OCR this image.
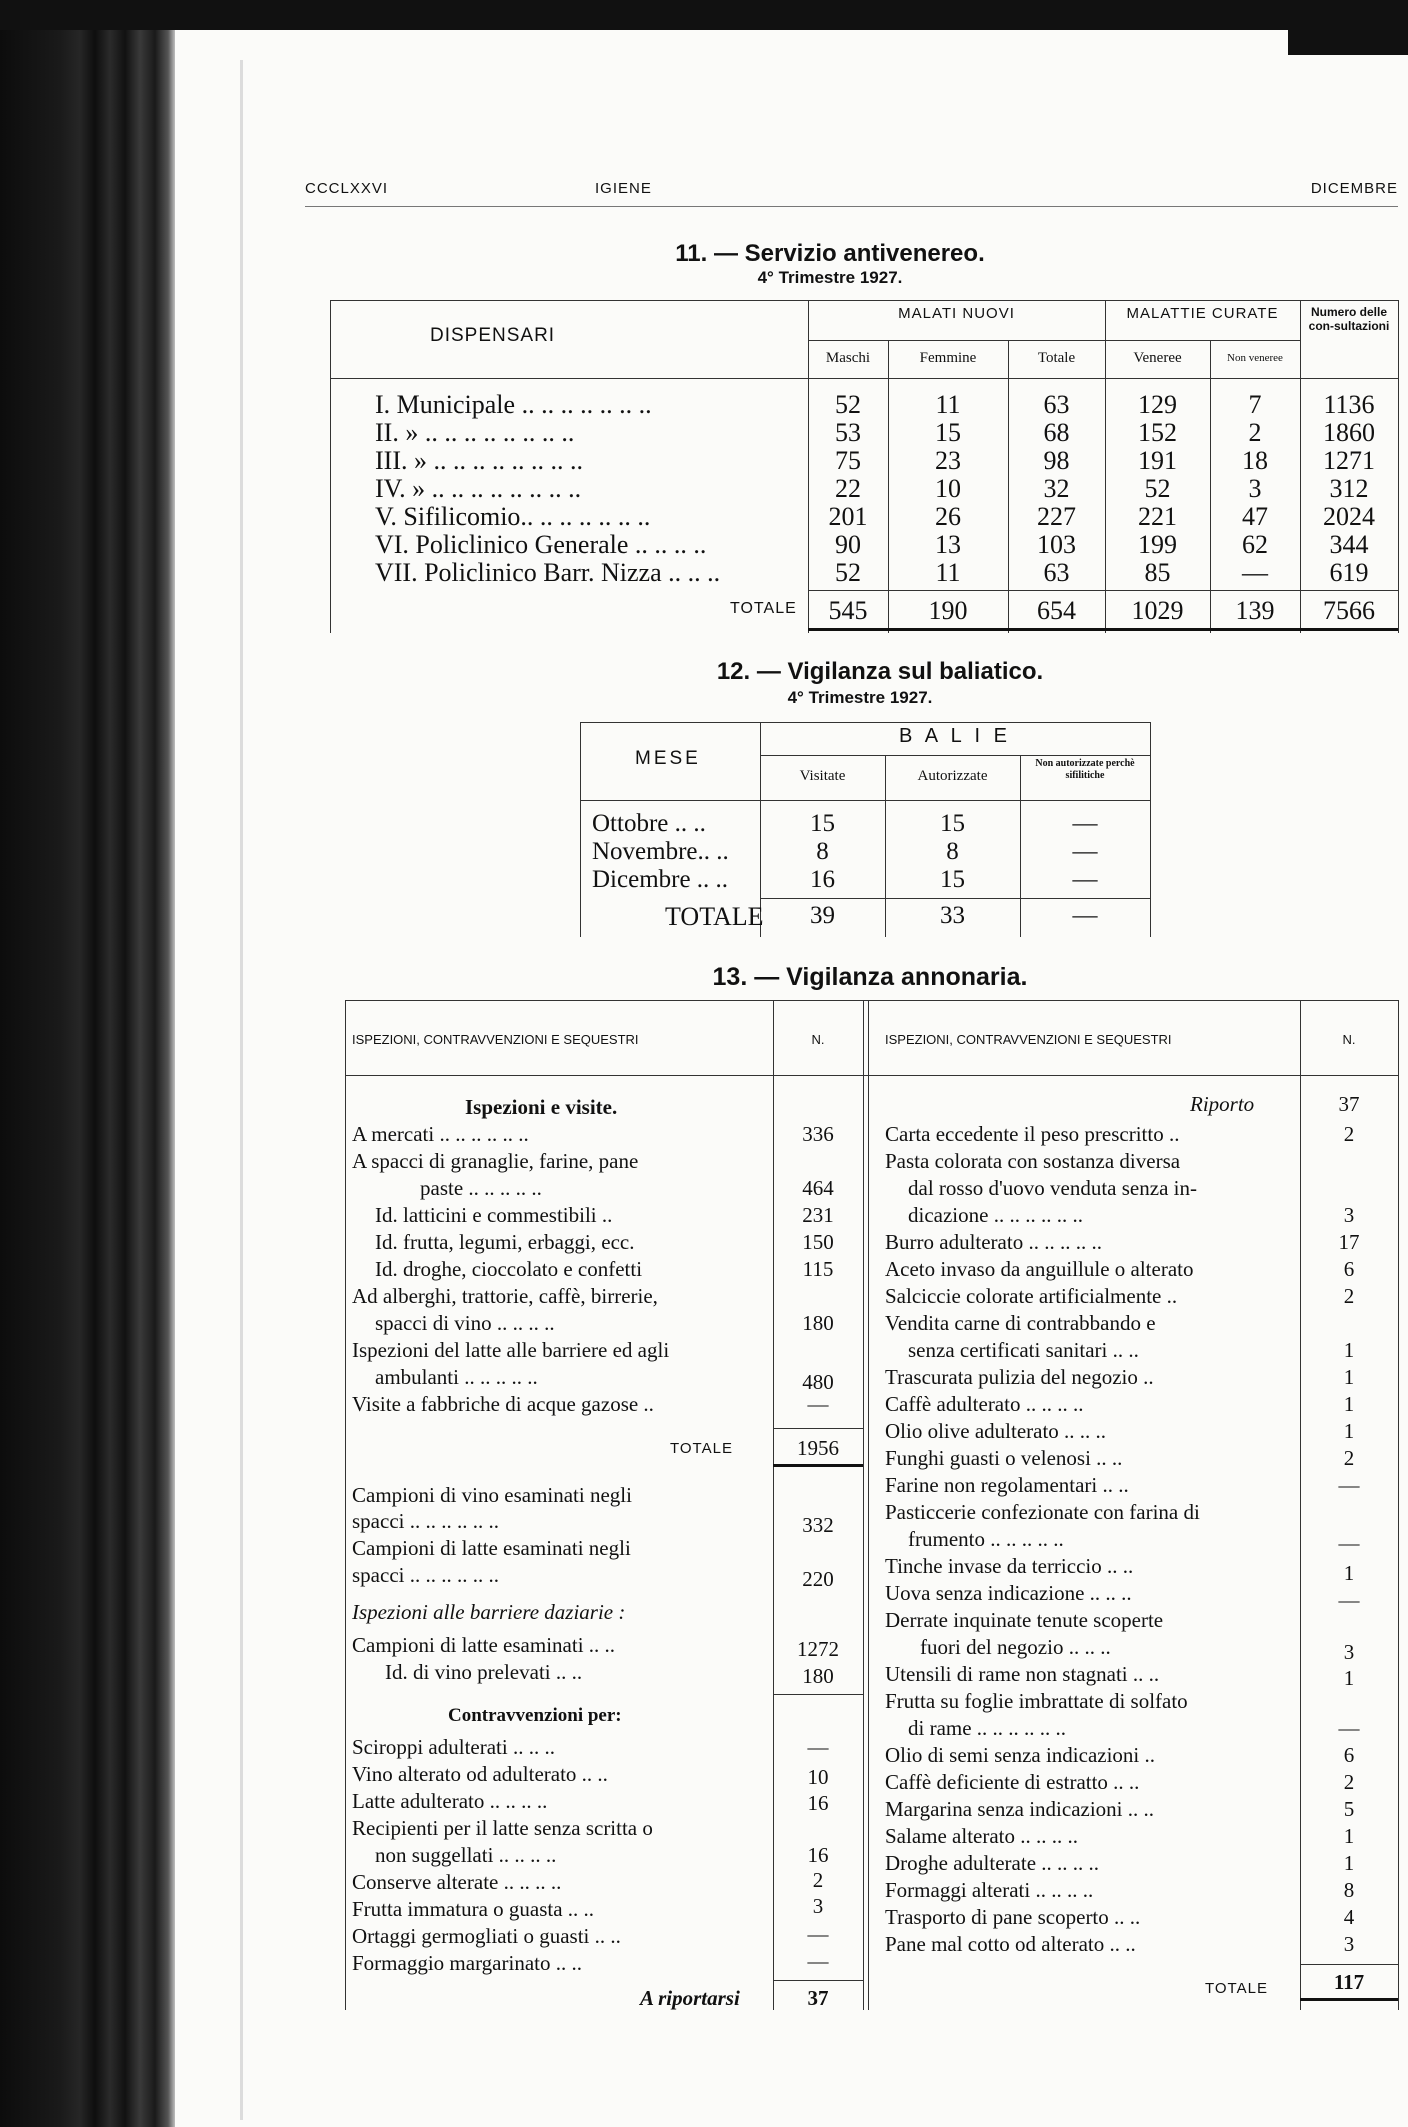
CCCLXXVI	IGIENE	DICEMBRE
11. — Servizio antivenereo.
4° Trimestre 1927.
DISPENSARI
MALATI NUOVI	MALATTIE CURATE	Numero delle con-sultazioni
Maschi	Femmine	Totale	Veneree	Non veneree
I. Municipale .. .. .. .. .. .. ..	52	11	63	129	7	1136
II. » .. .. .. .. .. .. .. ..	53	15	68	152	2	1860
III. » .. .. .. .. .. .. .. ..	75	23	98	191	18	1271
IV. » .. .. .. .. .. .. .. ..	22	10	32	52	3	312
V. Sifilicomio.. .. .. .. .. .. ..	201	26	227	221	47	2024
VI. Policlinico Generale .. .. .. ..	90	13	103	199	62	344
VII. Policlinico Barr. Nizza .. .. ..	52	11	63	85	—	619
TOTALE	545	190	654	1029	139	7566
12. — Vigilanza sul baliatico.
4° Trimestre 1927.
MESE
B A L I E
Visitate	Autorizzate
Non autorizzate perchè sifilitiche
Ottobre .. ..	15	15	—
Novembre.. ..	8	8	—
Dicembre .. ..	16	15	—
TOTALE	39	33	—
13. — Vigilanza annonaria.
ISPEZIONI, CONTRAVVENZIONI E SEQUESTRI	N.	ISPEZIONI, CONTRAVVENZIONI E SEQUESTRI	N.
Ispezioni e visite.
A mercati .. .. .. .. .. ..	336
A spacci di granaglie, farine, pane
paste .. .. .. .. ..	464
Id. latticini e commestibili ..	231
Id. frutta, legumi, erbaggi, ecc.	150
Id. droghe, cioccolato e confetti	115
Ad alberghi, trattorie, caffè, birrerie,
spacci di vino .. .. .. ..	180
Ispezioni del latte alle barriere ed agli
ambulanti .. .. .. .. ..	480
Visite a fabbriche di acque gazose ..	—
TOTALE	1956
Campioni di vino esaminati negli
spacci .. .. .. .. .. ..	332
Campioni di latte esaminati negli
spacci .. .. .. .. .. ..	220
Ispezioni alle barriere daziarie :
Campioni di latte esaminati .. ..	1272
Id. di vino prelevati .. ..	180
Contravvenzioni per:
Sciroppi adulterati .. .. ..	—
Vino alterato od adulterato .. ..	10
Latte adulterato .. .. .. ..	16
Recipienti per il latte senza scritta o
non suggellati .. .. .. ..	16
Conserve alterate .. .. .. ..	2
Frutta immatura o guasta .. ..	3
Ortaggi germogliati o guasti .. ..	—
Formaggio margarinato .. ..	—
A riportarsi	37
Riporto	37
Carta eccedente il peso prescritto ..	2
Pasta colorata con sostanza diversa
dal rosso d'uovo venduta senza in-
dicazione .. .. .. .. .. ..	3
Burro adulterato .. .. .. .. ..	17
Aceto invaso da anguillule o alterato	6
Salciccie colorate artificialmente ..	2
Vendita carne di contrabbando e
senza certificati sanitari .. ..	1
Trascurata pulizia del negozio ..	1
Caffè adulterato .. .. .. ..	1
Olio olive adulterato .. .. ..	1
Funghi guasti o velenosi .. ..	2
Farine non regolamentari .. ..	—
Pasticcerie confezionate con farina di
frumento .. .. .. .. ..	—
Tinche invase da terriccio .. ..	1
Uova senza indicazione .. .. ..	—
Derrate inquinate tenute scoperte
fuori del negozio .. .. ..	3
Utensili di rame non stagnati .. ..	1
Frutta su foglie imbrattate di solfato
di rame .. .. .. .. .. ..	—
Olio di semi senza indicazioni ..	6
Caffè deficiente di estratto .. ..	2
Margarina senza indicazioni .. ..	5
Salame alterato .. .. .. ..	1
Droghe adulterate .. .. .. ..	1
Formaggi alterati .. .. .. ..	8
Trasporto di pane scoperto .. ..	4
Pane mal cotto od alterato .. ..	3
TOTALE	117
